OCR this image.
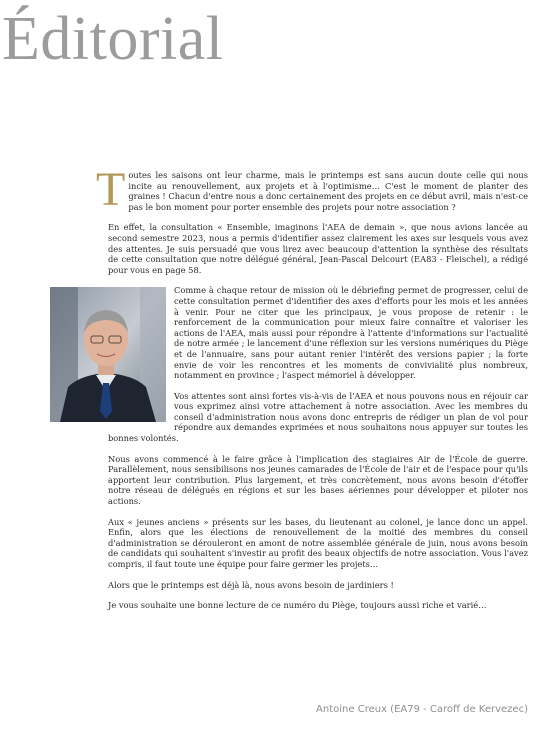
Éditorial

Toutes les saisons ont leur charme, mais le printemps est sans aucun doute celle qui nous incite au renouvellement, aux projets et à l'optimisme… C'est le moment de planter des graines ! Chacun d'entre nous a donc certainement des projets en ce début avril, mais n'est-ce pas le bon moment pour porter ensemble des projets pour notre association ?

En effet, la consultation « Ensemble, imaginons l'AEA de demain », que nous avions lancée au second semestre 2023, nous a permis d'identifier assez clairement les axes sur lesquels vous avez des attentes. Je suis persuadé que vous lirez avec beaucoup d'attention la synthèse des résultats de cette consultation que notre délégué général, Jean-Pascal Delcourt (EA83 - Fleischel), a rédigé pour vous en page 58.

Comme à chaque retour de mission où le débriefing permet de progresser, celui de cette consultation permet d'identifier des axes d'efforts pour les mois et les années à venir. Pour ne citer que les principaux, je vous propose de retenir : le renforcement de la communication pour mieux faire connaître et valoriser les actions de l'AEA, mais aussi pour répondre à l'attente d'informations sur l'actualité de notre armée ; le lancement d'une réflexion sur les versions numériques du Piège et de l'annuaire, sans pour autant renier l'intérêt des versions papier ; la forte envie de voir les rencontres et les moments de convivialité plus nombreux, notamment en province ; l'aspect mémoriel à développer.

Vos attentes sont ainsi fortes vis-à-vis de l'AEA et nous pouvons nous en réjouir car vous exprimez ainsi votre attachement à notre association. Avec les membres du conseil d'administration nous avons donc entrepris de rédiger un plan de vol pour répondre aux demandes exprimées et nous souhaitons nous appuyer sur toutes les bonnes volontés.

Nous avons commencé à le faire grâce à l'implication des stagiaires Air de l'École de guerre. Parallèlement, nous sensibilisons nos jeunes camarades de l'École de l'air et de l'espace pour qu'ils apportent leur contribution. Plus largement, et très concrètement, nous avons besoin d'étoffer notre réseau de délégués en régions et sur les bases aériennes pour développer et piloter nos actions.

Aux « jeunes anciens » présents sur les bases, du lieutenant au colonel, je lance donc un appel. Enfin, alors que les élections de renouvellement de la moitié des membres du conseil d'administration se dérouleront en amont de notre assemblée générale de juin, nous avons besoin de candidats qui souhaitent s'investir au profit des beaux objectifs de notre association. Vous l'avez compris, il faut toute une équipe pour faire germer les projets…

Alors que le printemps est déjà là, nous avons besoin de jardiniers !

Je vous souhaite une bonne lecture de ce numéro du Piège, toujours aussi riche et varié…

Antoine Creux (EA79 - Caroff de Kervezec)
